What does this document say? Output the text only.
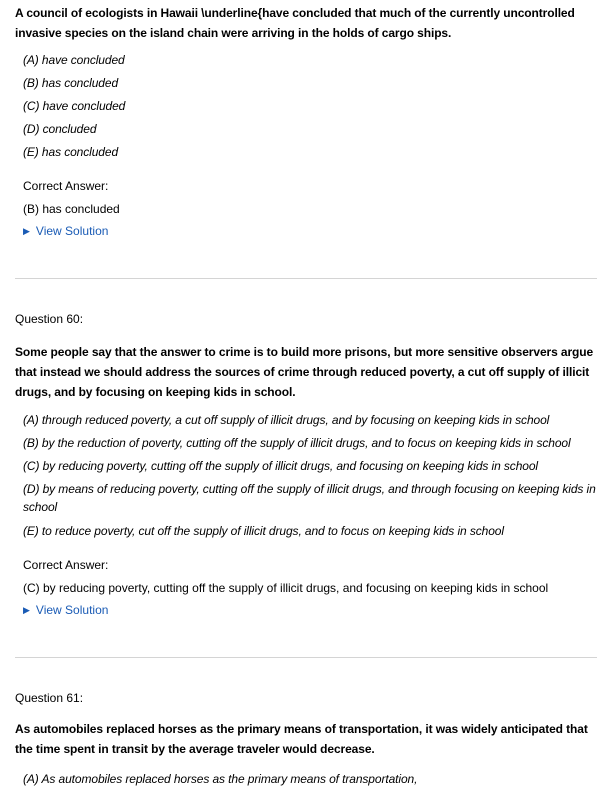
A council of ecologists in Hawaii \underline{have concluded that much of the currently uncontrolled invasive species on the island chain were arriving in the holds of cargo ships.
(A) have concluded
(B) has concluded
(C) have concluded
(D) concluded
(E) has concluded
Correct Answer:
(B) has concluded
▶ View Solution
Question 60:
Some people say that the answer to crime is to build more prisons, but more sensitive observers argue that instead we should address the sources of crime through reduced poverty, a cut off supply of illicit drugs, and by focusing on keeping kids in school.
(A) through reduced poverty, a cut off supply of illicit drugs, and by focusing on keeping kids in school
(B) by the reduction of poverty, cutting off the supply of illicit drugs, and to focus on keeping kids in school
(C) by reducing poverty, cutting off the supply of illicit drugs, and focusing on keeping kids in school
(D) by means of reducing poverty, cutting off the supply of illicit drugs, and through focusing on keeping kids in school
(E) to reduce poverty, cut off the supply of illicit drugs, and to focus on keeping kids in school
Correct Answer:
(C) by reducing poverty, cutting off the supply of illicit drugs, and focusing on keeping kids in school
▶ View Solution
Question 61:
As automobiles replaced horses as the primary means of transportation, it was widely anticipated that the time spent in transit by the average traveler would decrease.
(A) As automobiles replaced horses as the primary means of transportation,
